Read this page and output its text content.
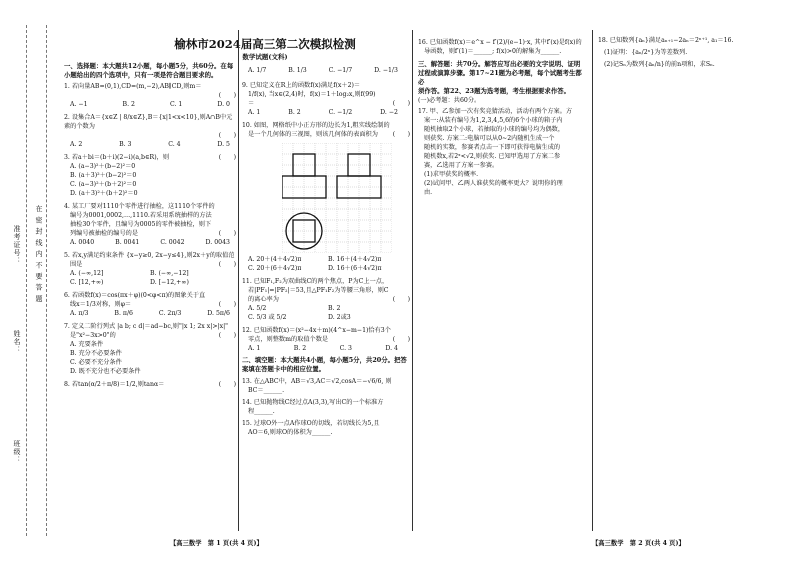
准考证号： 在 密 封 线 内 不 要 答 题
姓名：
班级：
榆林市2024届高三第二次模拟检测
数学试题(文科)
一、选择题：本大题共12小题，每小题5分，共60分。在每小题给出的四个选项中，只有一项是符合题目要求的。
1. 若向量AB=(0,1),CD=(m,−2),AB∥CD,则m＝
(　　)
A. −1	B. 2	C. 1	D. 0
2. 设集合A＝{x∈Z | 8/x∈Z},B＝{x|1<x<10},则A∩B中元素的个数为
(　　)
A. 2	B. 3	C. 4	D. 5
3. 若a＋bi＝(b＋i)(2−i)(a,b∈R)，则	(　　)
A. (a−3)²＋(b−2)²＝0
B. (a＋3)²＋(b−2)²＝0
C. (a−3)²＋(b＋2)²＝0
D. (a＋3)²＋(b＋2)²＝0
4. 某工厂要对1110个零件进行抽检，这1110个零件的
编号为0001,0002,…,1110.若采用系统抽样的方法
抽检30个零件，且编号为0005的零件被抽检，则下
列编号被抽检的编号的是	(　　)
A. 0040	B. 0041	C. 0042	D. 0043
5. 若x,y满足约束条件 {x−y≥0, 2x−y≤4},则2x＋y的取值范
围是	(　　)
A. (−∞,12]	B. (−∞,−12]
C. [12,+∞)	D. [−12,+∞)
6. 若函数f(x)＝cos(πx＋φ)(0<φ<π)的图象关于直
线x＝1/3对称，则φ＝	(　　)
A. π/3	B. π/6	C. 2π/3	D. 5π/6
7. 定义二阶行列式 |a b; c d|＝ad−bc,则"|x 1; 2x x|>|x|"
是"x²−3x>0"的	(　　)
A. 充要条件
B. 充分不必要条件
C. 必要不充分条件
D. 既不充分也不必要条件
8. 若tan(α/2＋π/8)＝1/2,则tanα＝	(　　)
A. 1/7	B. 1/3	C. −1/7	D. −1/3
9. 已知定义在R上的函数f(x)满足f(x＋2)＝
1/f(x), 当x∈(2,4)时，f(x)＝1＋log₂x,则f(99)
＝	(　　)
A. 1	B. 2	C. −1/2	D. −2
10. 如图，网格纸中小正方形的边长为1,粗实线绘制的
是一个几何体的三视图，则该几何体的表面积为 (　　)
A. 20＋(4＋4√2)π	B. 16＋(4＋4√2)π
C. 20＋(6＋4√2)π	D. 16＋(6＋4√2)π
11. 已知F₁,F₂为双曲线C的两个焦点，P为C上一点，
若|PF₁|=|PF₂|＝53,且△PF₁F₂为等腰三角形，则C
的离心率为	(　　)
A. 5/2	B. 2
C. 5/3 或 5/2	D. 2或3
12. 已知函数f(x)＝(x²−4x＋m)(4^x−m−1)恰有3个
零点，则整数m的取值个数是	(　　)
A. 1	B. 2	C. 3	D. 4
二、填空题：本大题共4小题，每小题5分，共20分。把答案填在答题卡中的相应位置。
13. 在△ABC中，AB＝√3,AC＝√2,cosA＝−√6/6, 则
BC＝______.
14. 已知抛物线C经过点A(3,3),写出C的一个标准方
程______.
15. 过球O外一点A作球O的切线，若切线长为5,且
AO＝6,则球O的体积为______.
16. 已知函数f(x)＝e^x − f′(2)/(e−1)·x, 其中f′(x)是f(x)的
导函数，则f′(1)＝______; f(x)>0的解集为______.
三、解答题：共70分。解答应写出必要的文字说明、证明
过程或演算步骤。第17~21题为必考题，每个试题考生都必
须作答。第22、23题为选考题，考生根据要求作答。
(一)必考题：共60分。
17. 甲、乙参加一次有奖竞猜活动，活动有两个方案。方
案一:从装有编号为1,2,3,4,5,6的6个小球的箱子内
随机抽取2个小球，若抽取的小球的编号均为偶数，
则获奖. 方案二:电脑可以从0~2内随机生成一个
随机的实数，参赛者点击一下即可获得电脑生成的
随机数x,若2ˣ<√2,则获奖. 已知甲选用了方案二参
赛，乙选用了方案一参赛。
(1)求甲获奖的概率.
(2)试问甲、乙两人谁获奖的概率更大？说明你的理
由.
18. 已知数列{aₙ}满足aₙ₊₁−2aₙ＝2ⁿ⁺¹, a₁＝16.
(1)证明：{aₙ/2ⁿ}为等差数列.
(2)记Sₙ为数列{aₙ/n}的前n项和，求Sₙ.
【高三数学　第 1 页(共 4 页)】	【高三数学　第 2 页(共 4 页)】
